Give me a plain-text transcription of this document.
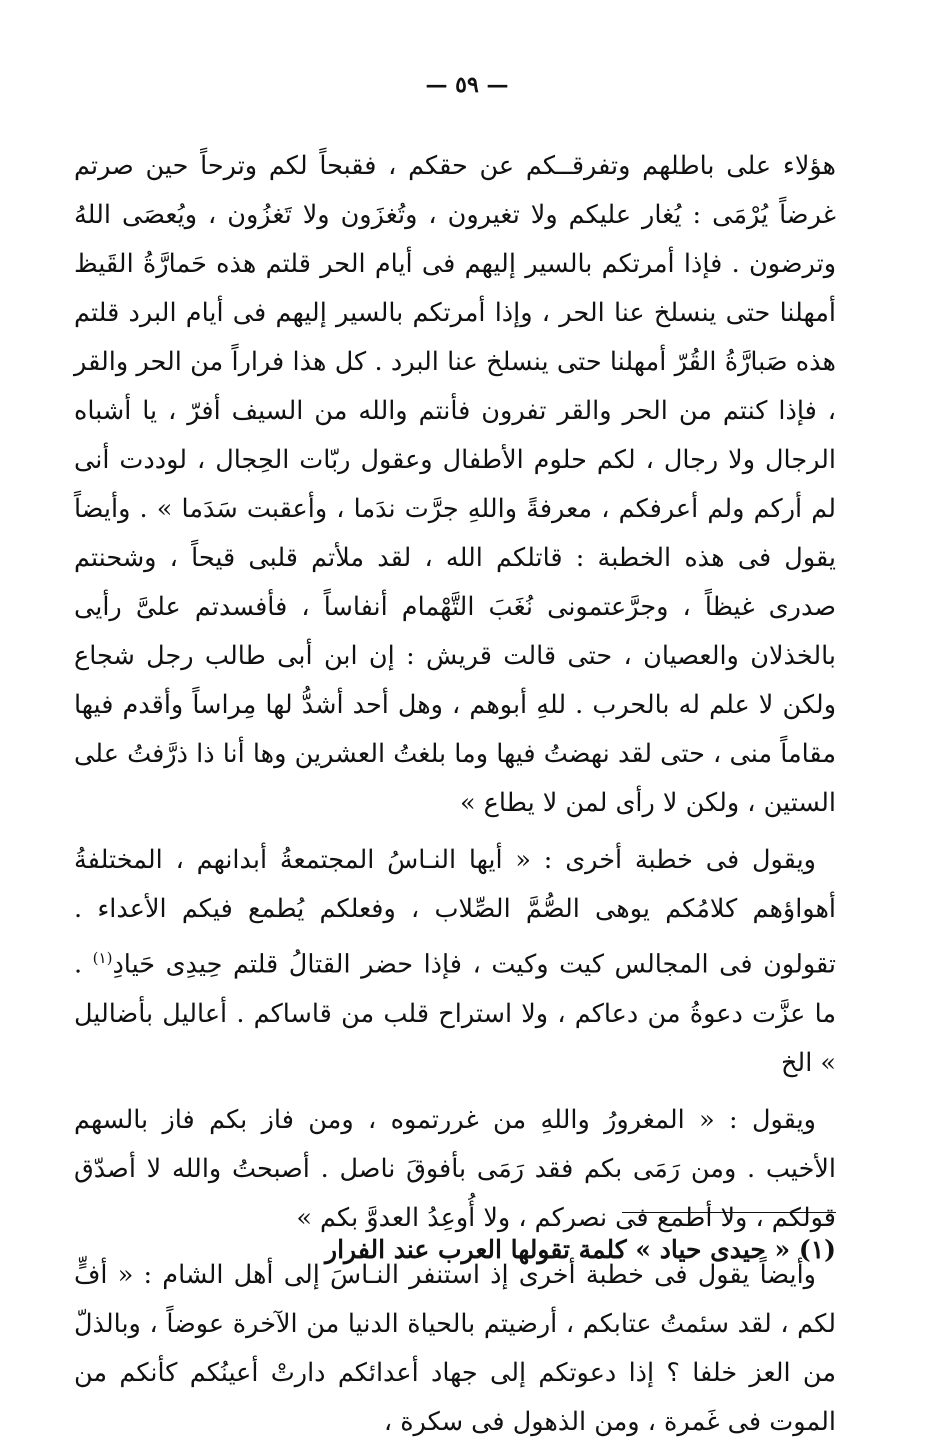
— ٥٩ —

هؤلاء على باطلهم وتفرقــكم عن حقكم ، فقبحاً لكم وترحاً حين صرتم غرضاً يُرْمَى : يُغار عليكم ولا تغيرون ، وتُغزَون ولا تَغزُون ، ويُعصَى اللهُ وترضون . فإذا أمرتكم بالسير إليهم فى أيام الحر قلتم هذه حَمارَّةُ القَيظ أمهلنا حتى ينسلخ عنا الحر ، وإذا أمرتكم بالسير إليهم فى أيام البرد قلتم هذه صَبارَّةُ القُرّ أمهلنا حتى ينسلخ عنا البرد . كل هذا فراراً من الحر والقر ، فإذا كنتم من الحر والقر تفرون فأنتم والله من السيف أفرّ ، يا أشباه الرجال ولا رجال ، لكم حلوم الأطفال وعقول ربّات الحِجال ، لوددت أنى لم أركم ولم أعرفكم ، معرفةً واللهِ جرَّت ندَما ، وأعقبت سَدَما » . وأيضاً يقول فى هذه الخطبة : قاتلكم الله ، لقد ملأتم قلبى قيحاً ، وشحنتم صدرى غيظاً ، وجرَّعتمونى نُغَبَ التَّهْمام أنفاساً ، فأفسدتم علىَّ رأيى بالخذلان والعصيان ، حتى قالت قريش : إن ابن أبى طالب رجل شجاع ولكن لا علم له بالحرب . للهِ أبوهم ، وهل أحد أشدُّ لها مِراساً وأقدم فيها مقاماً منى ، حتى لقد نهضتُ فيها وما بلغتُ العشرين وها أنا ذا ذرَّفتُ على الستين ، ولكن لا رأى لمن لا يطاع »

ويقول فى خطبة أخرى : « أيها النـاسُ المجتمعةُ أبدانهم ، المختلفةُ أهواؤهم كلامُكم يوهى الصُّمَّ الصِّلاب ، وفعلكم يُطمع فيكم الأعداء . تقولون فى المجالس كيت وكيت ، فإذا حضر القتالُ قلتم حِيدِى حَيادِ$^{(١)}$ . ما عزَّت دعوةُ من دعاكم ، ولا استراح قلب من قاساكم . أعاليل بأضاليل » الخ

ويقول : « المغرورُ واللهِ من غررتموه ، ومن فاز بكم فاز بالسهم الأخيب . ومن رَمَى بكم فقد رَمَى بأفوقَ ناصل . أصبحتُ والله لا أصدّق قولكم ، ولا أطمع فى نصركم ، ولا أُوعِدُ العدوَّ بكم »

وأيضاً يقول فى خطبة أخرى إذ استنفر النـاسَ إلى أهل الشام : « أفٍّ لكم ، لقد سئمتُ عتابكم ، أرضيتم بالحياة الدنيا من الآخرة عوضاً ، وبالذلّ من العز خلفا ؟ إذا دعوتكم إلى جهاد أعدائكم دارتْ أعينُكم كأنكم من الموت فى غَمرة ، ومن الذهول فى سكرة ،

(١) « حيدى حياد » كلمة تقولها العرب عند الفرار
